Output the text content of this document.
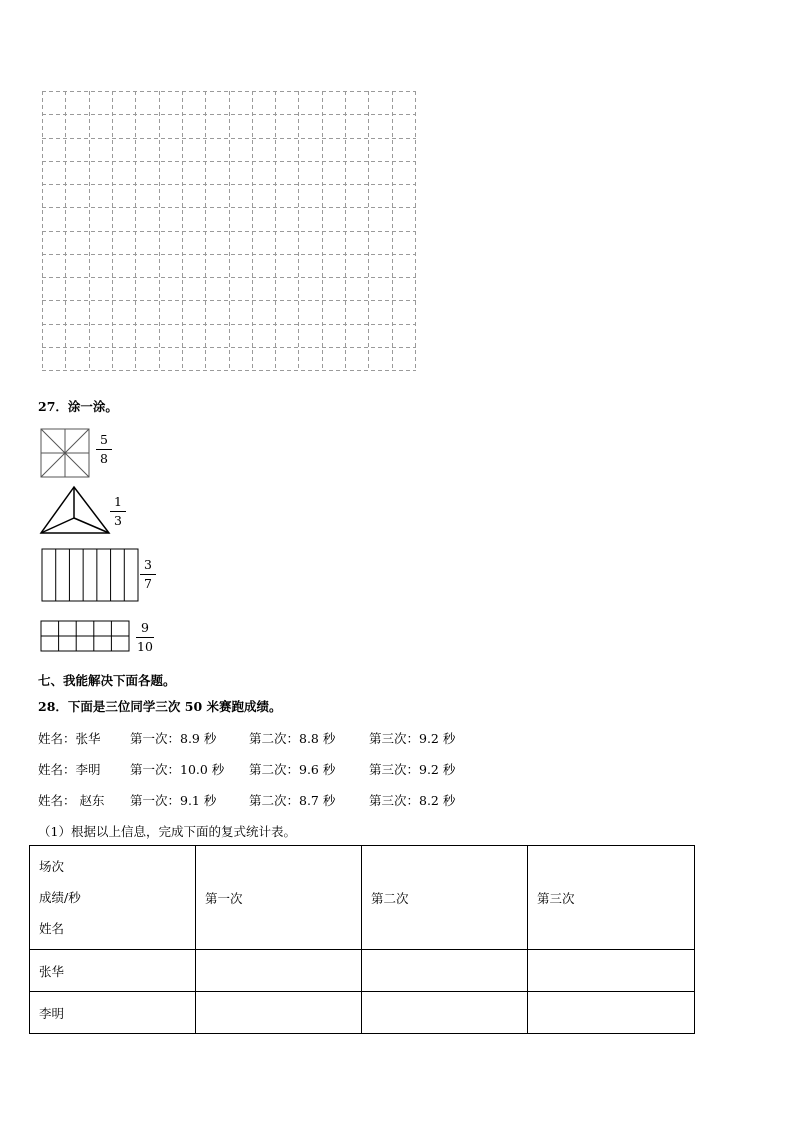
27．涂一涂。
5
8
1
3
3
7
9
10
七、我能解决下面各题。
28．下面是三位同学三次 50 米赛跑成绩。
姓名：张华 第一次：8.9 秒	第二次：8.8 秒	第三次：9.2 秒
姓名：李明 第一次：10.0 秒 第二次：9.6 秒	第三次：9.2 秒
姓名： 赵东 第一次：9.1 秒	第二次：8.7 秒	第三次：8.2 秒
（1）根据以上信息，完成下面的复式统计表。
场次
成绩/秒
姓名	第一次	第二次	第三次
张华			
李明			
